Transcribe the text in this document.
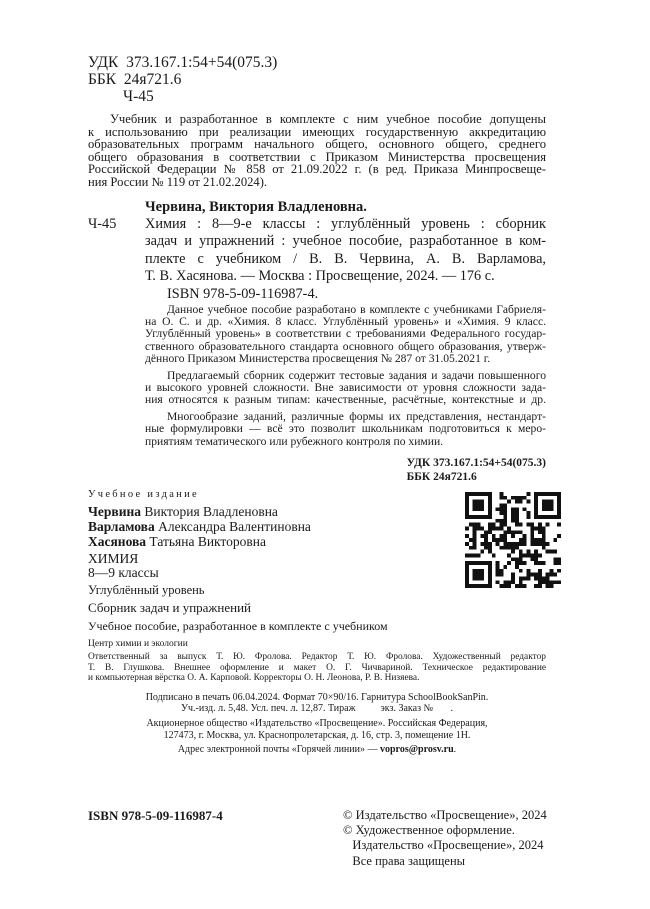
УДК  373.167.1:54+54(075.3)
ББК  24я721.6
Ч-45
Учебник и разработанное в комплекте с ним учебное пособие допущены
к использованию при реализации имеющих государственную аккредитацию
образовательных программ начального общего, основного общего, среднего
общего образования в соответствии с Приказом Министерства просвещения
Российской Федерации № 858 от 21.09.2022 г. (в ред. Приказа Минпросвеще-
ния России № 119 от 21.02.2024).
Червина, Виктория Владленовна.
Ч-45	Химия : 8—9-е классы : углублённый уровень : сборник
задач и упражнений : учебное пособие, разработанное в ком-
плекте с учебником / В. В. Червина, А. В. Варламова,
Т. В. Хасянова. — Москва : Просвещение, 2024. — 176 с.
ISBN 978-5-09-116987-4.
Данное учебное пособие разработано в комплекте с учебниками Габриеля-
на О. С. и др. «Химия. 8 класс. Углублённый уровень» и «Химия. 9 класс.
Углублённый уровень» в соответствии с требованиями Федерального государ-
ственного образовательного стандарта основного общего образования, утверж-
дённого Приказом Министерства просвещения № 287 от 31.05.2021 г.
Предлагаемый сборник содержит тестовые задания и задачи повышенного
и высокого уровней сложности. Вне зависимости от уровня сложности зада-
ния относятся к разным типам: качественные, расчётные, контекстные и др.
Многообразие заданий, различные формы их представления, нестандарт-
ные формулировки — всё это позволит школьникам подготовиться к меро-
приятиям тематического или рубежного контроля по химии.
УДК 373.167.1:54+54(075.3)
ББК 24я721.6
Учебное издание
Червина Виктория Владленовна
Варламова Александра Валентиновна
Хасянова Татьяна Викторовна
ХИМИЯ
8—9 классы
Углублённый уровень
Сборник задач и упражнений
Учебное пособие, разработанное в комплекте с учебником
Центр химии и экологии
Ответственный за выпуск Т. Ю. Фролова. Редактор Т. Ю. Фролова. Художественный редактор
Т. В. Глушкова. Внешнее оформление и макет О. Г. Чичвариной. Техническое редактирование
и компьютерная вёрстка О. А. Карповой. Корректоры О. Н. Леонова, Р. В. Низяева.
Подписано в печать 06.04.2024. Формат 70×90/16. Гарнитура SchoolBookSanPin.
Уч.-изд. л. 5,48. Усл. печ. л. 12,87. Тираж          экз. Заказ №       .
Акционерное общество «Издательство «Просвещение». Российская Федерация,
127473, г. Москва, ул. Краснопролетарская, д. 16, стр. 3, помещение 1Н.
Адрес электронной почты «Горячей линии» — vopros@prosv.ru.
ISBN 978-5-09-116987-4	© Издательство «Просвещение», 2024
© Художественное оформление.
Издательство «Просвещение», 2024
Все права защищены
